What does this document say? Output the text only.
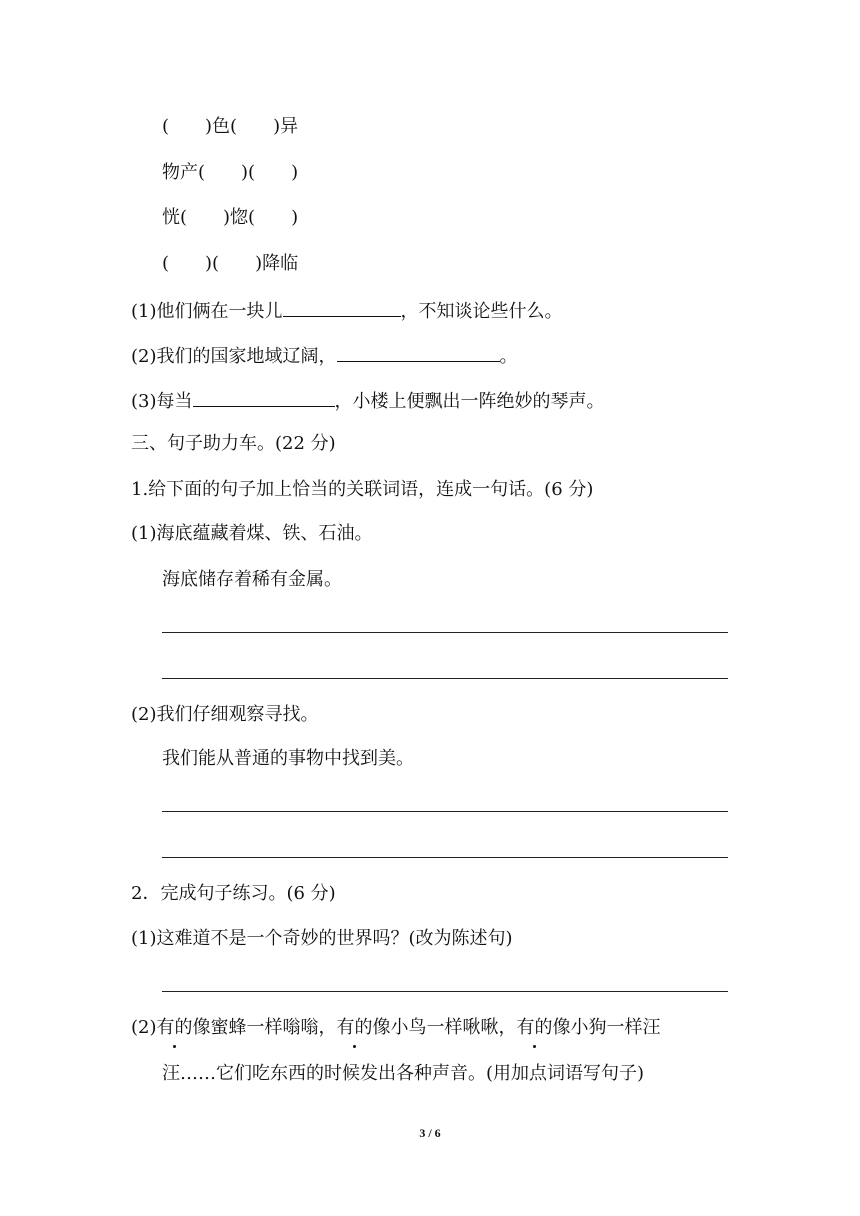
(　　)色(　　)异
物产(　　)(　　)
恍(　　)惚(　　)
(　　)(　　)降临
(1)他们俩在一块儿	，不知谈论些什么。
(2)我们的国家地域辽阔，	。
(3)每当	，小楼上便飘出一阵绝妙的琴声。
三、句子助力车。(22 分)
1.给下面的句子加上恰当的关联词语，连成一句话。(6 分)
(1)海底蕴藏着煤、铁、石油。
海底储存着稀有金属。
(2)我们仔细观察寻找。
我们能从普通的事物中找到美。
2．完成句子练习。(6 分)
(1)这难道不是一个奇妙的世界吗？(改为陈述句)
(2)有的像蜜蜂一样嗡嗡，有的像小鸟一样啾啾，有的像小狗一样汪
汪……它们吃东西的时候发出各种声音。(用加点词语写句子)
3 / 6
